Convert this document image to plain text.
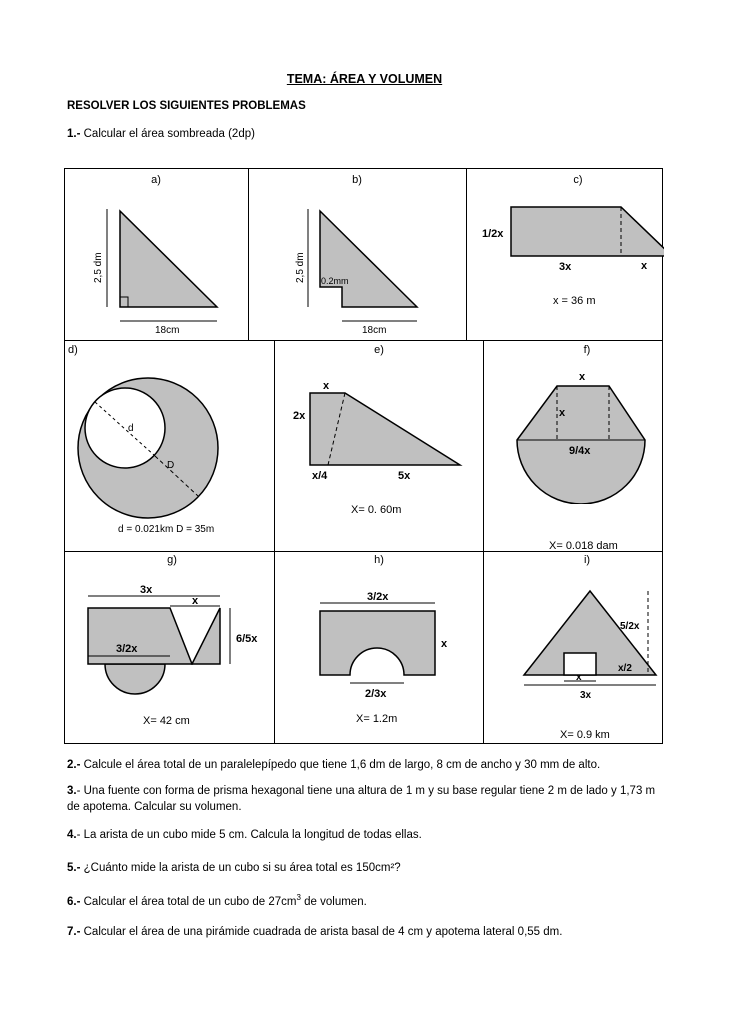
TEMA: ÁREA Y VOLUMEN
RESOLVER LOS SIGUIENTES PROBLEMAS
1.- Calcular el área sombreada (2dp)
a)	b)	c)
d)	e)	f)
g)	h)	i)
x = 36 m
X= 0. 60m
X= 0.018 dam
X= 42 cm	X= 1.2m
X= 0.9 km
2,5 dm
18cm
0.2mm
2,5 dm
18cm
1/2x
3x	x
d
D
d = 0.021km D = 35m
x
2x
x/4	5x
x
x
9/4x
3x
x
6/5x
3/2x
3/2x
x
2/3x
5/2x
x/2
x
3x
2.- Calcule el área total de un paralelepípedo que tiene 1,6 dm de largo, 8 cm de ancho y 30 mm de alto.
3.- Una fuente con forma de prisma hexagonal tiene una altura de 1 m y su base regular tiene 2 m de lado y 1,73 m de apotema. Calcular su volumen.
4.- La arista de un cubo mide 5 cm. Calcula la longitud de todas ellas.
5.- ¿Cuánto mide la arista de un cubo si su área total es 150cm²?
6.- Calcular el área total de un cubo de $27cm^3$ de volumen.
7.- Calcular el área de una pirámide cuadrada de arista basal de 4 cm y apotema lateral 0,55 dm.
